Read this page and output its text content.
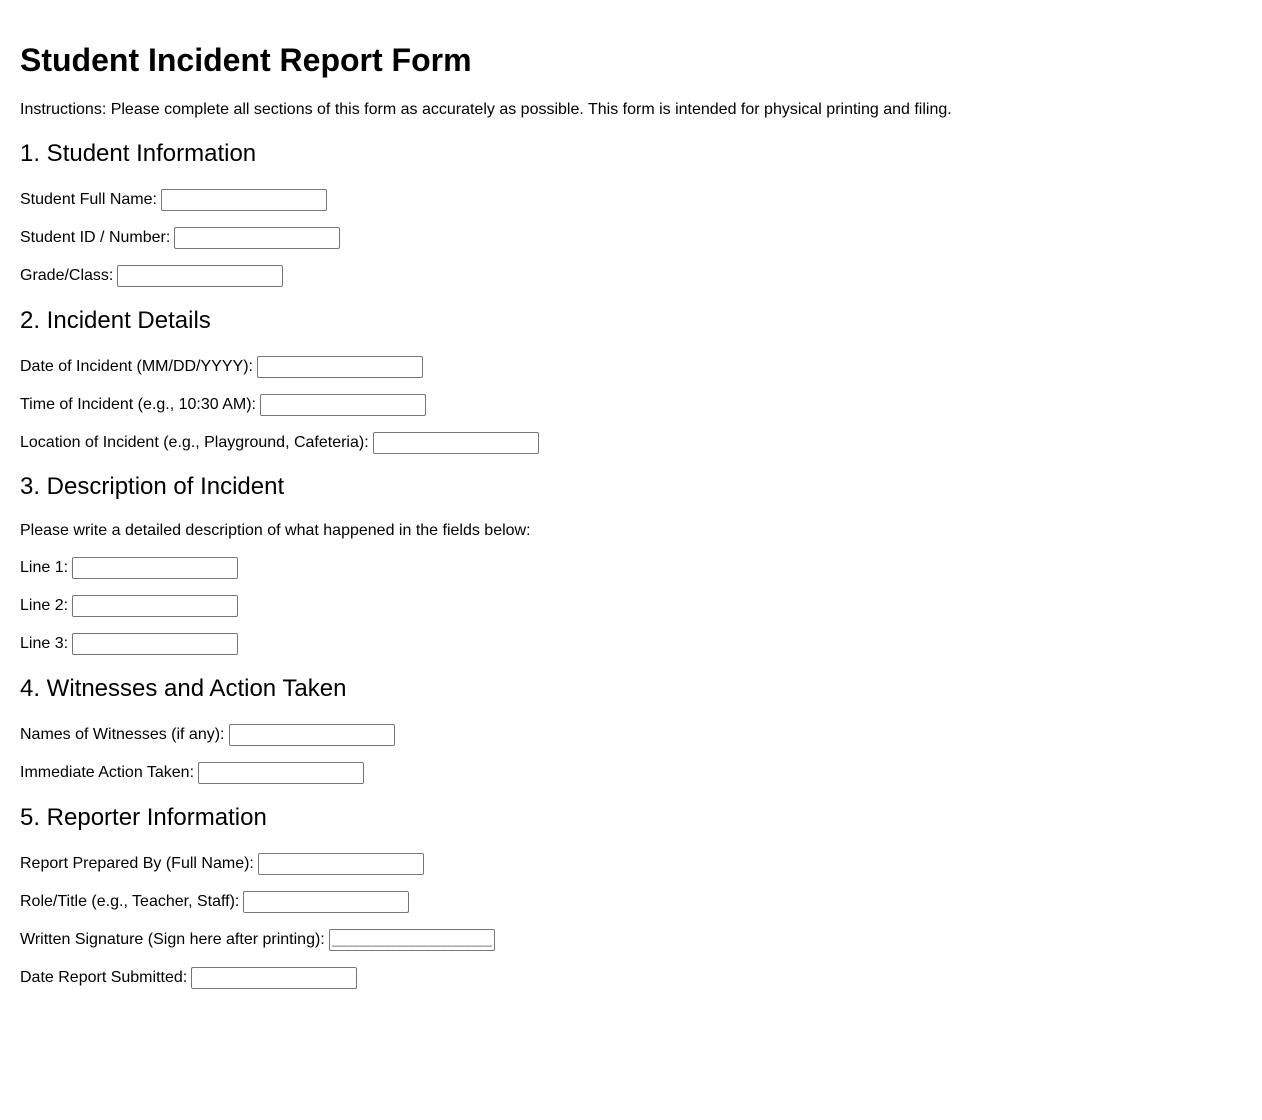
Student Incident Report Form

Instructions: Please complete all sections of this form as accurately as possible. This form is intended for physical printing and filing.

1. Student Information
Student Full Name:
Student ID / Number:
Grade/Class:
2. Incident Details
Date of Incident (MM/DD/YYYY):
Time of Incident (e.g., 10:30 AM):
Location of Incident (e.g., Playground, Cafeteria):
3. Description of Incident

Please write a detailed description of what happened in the fields below:

Line 1:
Line 2:
Line 3:
4. Witnesses and Action Taken
Names of Witnesses (if any):
Immediate Action Taken:
5. Reporter Information
Report Prepared By (Full Name):
Role/Title (e.g., Teacher, Staff):
Written Signature (Sign here after printing):
______________________________
Date Report Submitted:
